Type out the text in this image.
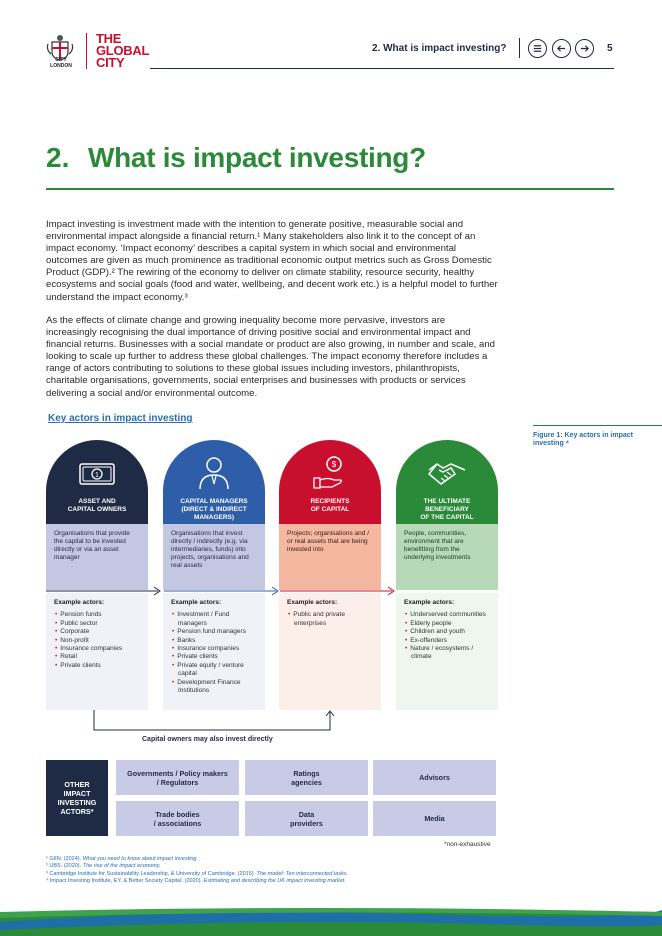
CITY
LONDON
THE
GLOBAL
CITY
2. What is impact investing?	5
2. What is impact investing?
Impact investing is investment made with the intention to generate positive, measurable social and environmental impact alongside a financial return.¹ Many stakeholders also link it to the concept of an impact economy. ‘Impact economy’ describes a capital system in which social and environmental outcomes are given as much prominence as traditional economic output metrics such as Gross Domestic Product (GDP).² The rewiring of the economy to deliver on climate stability, resource security, healthy ecosystems and social goals (food and water, wellbeing, and decent work etc.) is a helpful model to further understand the impact economy.³
As the effects of climate change and growing inequality become more pervasive, investors are increasingly recognising the dual importance of driving positive social and environmental impact and financial returns. Businesses with a social mandate or product are also growing, in number and scale, and looking to scale up further to address these global challenges. The impact economy therefore includes a range of actors contributing to solutions to these global issues including investors, philanthropists, charitable organisations, governments, social enterprises and businesses with products or services delivering a social and/or environmental outcome.
Key actors in impact investing
Figure 1: Key actors in impact investing ⁴
1
ASSET AND
CAPITAL OWNERS
Organisations that provide the capital to be invested directly or via an asset manager
Example actors:
• Pension funds
• Public sector
• Corporate
• Non-profit
• Insurance companies
• Retail
• Private clients
CAPITAL MANAGERS
(DIRECT & INDIRECT
MANAGERS)
Organisations that invest directly / indirectly (e.g. via intermediaries, funds) into projects, organisations and real assets
Example actors:
• Investment / Fund managers
• Pension fund managers
• Banks
• Insurance companies
• Private clients
• Private equity / venture capital
• Development Finance Institutions
$
RECIPIENTS
OF CAPITAL
Projects; organisations and / or real assets that are being invested into
Example actors:
• Public and private enterprises
THE ULTIMATE
BENEFICIARY
OF THE CAPITAL
People, communities, environment that are benefitting from the underlying investments
Example actors:
• Underserved communities
• Elderly people
• Children and youth
• Ex-offenders
• Nature / ecosystems / climate
Capital owners may also invest directly
OTHER
IMPACT
INVESTING
ACTORS*
Governments / Policy makers
/ Regulators
Ratings
agencies	Advisors
Trade bodies
/ associations
Data
providers	Media
*non-exhaustive
¹ GIIN. (2024). What you need to know about impact investing.
² UBS. (2020). The rise of the impact economy.
³ Cambridge Institute for Sustainability Leadership, & University of Cambridge. (2015). The model: Ten interconnected tasks.
⁴ Impact Investing Institute, EY, & Better Society Capital. (2020). Estimating and describing the UK impact investing market.
